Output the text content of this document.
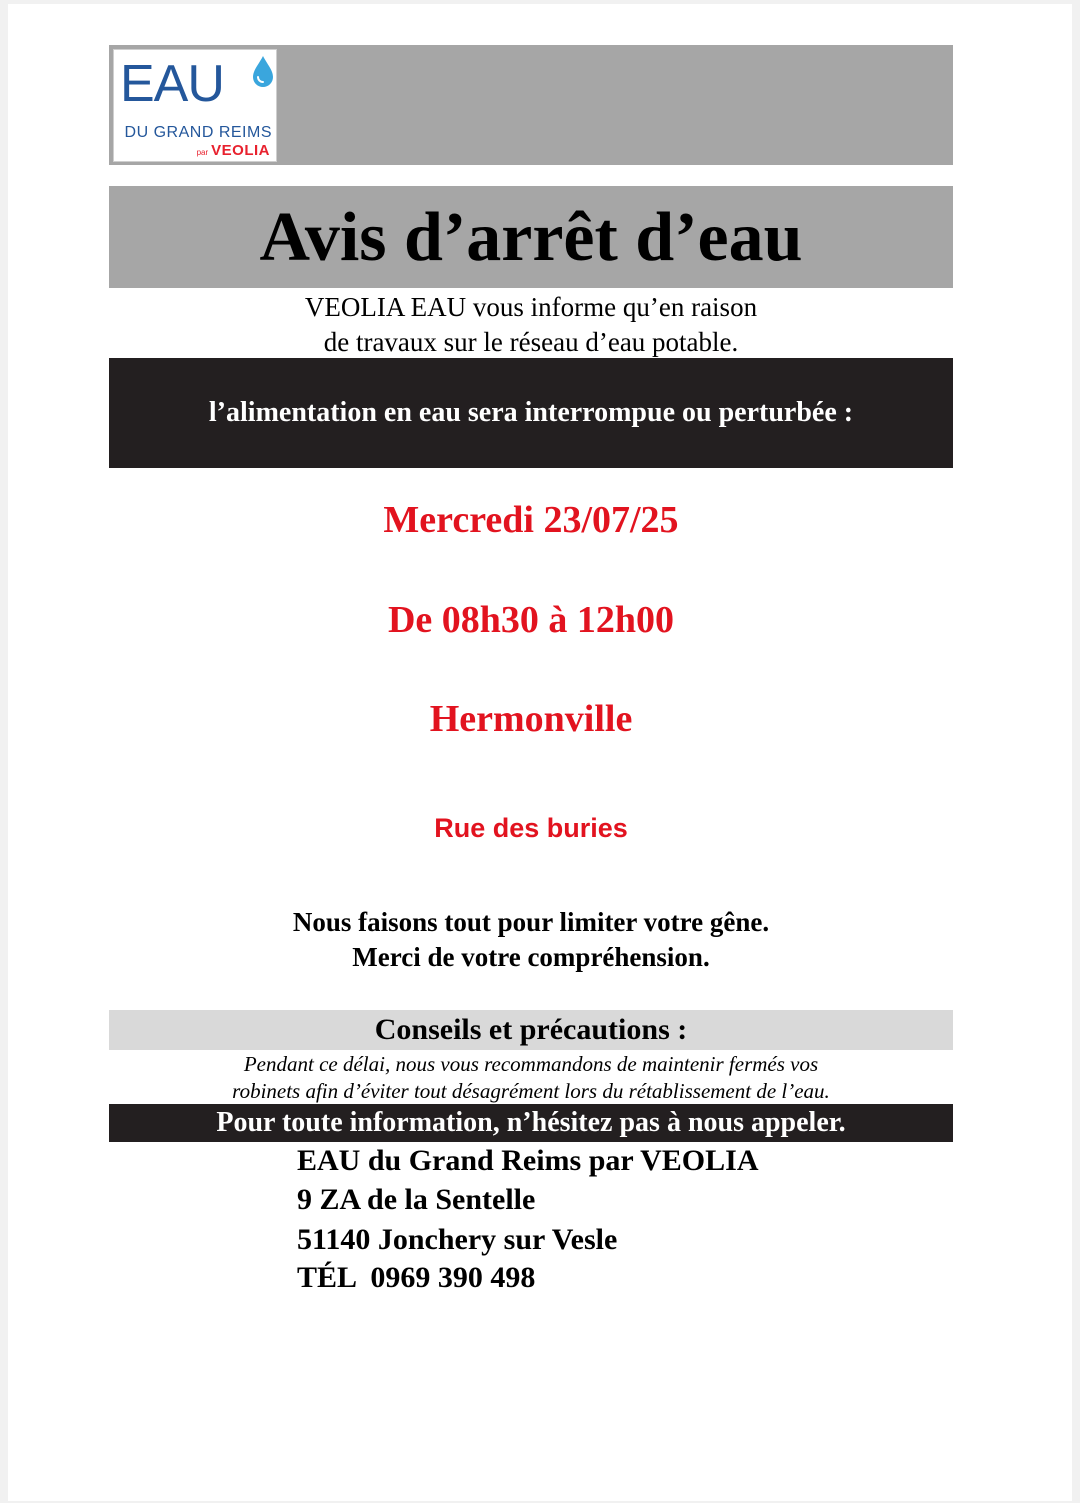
EAU
DU GRAND REIMS
par VEOLIA
Avis d’arrêt d’eau
VEOLIA EAU vous informe qu’en raison
de travaux sur le réseau d’eau potable.
l’alimentation en eau sera interrompue ou perturbée :
Mercredi 23/07/25
De 08h30 à 12h00
Hermonville
Rue des buries
Nous faisons tout pour limiter votre gêne.
Merci de votre compréhension.
Conseils et précautions :
Pendant ce délai, nous vous recommandons de maintenir fermés vos
robinets afin d’éviter tout désagrément lors du rétablissement de l’eau.
Pour toute information, n’hésitez pas à nous appeler.
EAU du Grand Reims par VEOLIA
9 ZA de la Sentelle
51140 Jonchery sur Vesle
TÉL  0969 390 498
